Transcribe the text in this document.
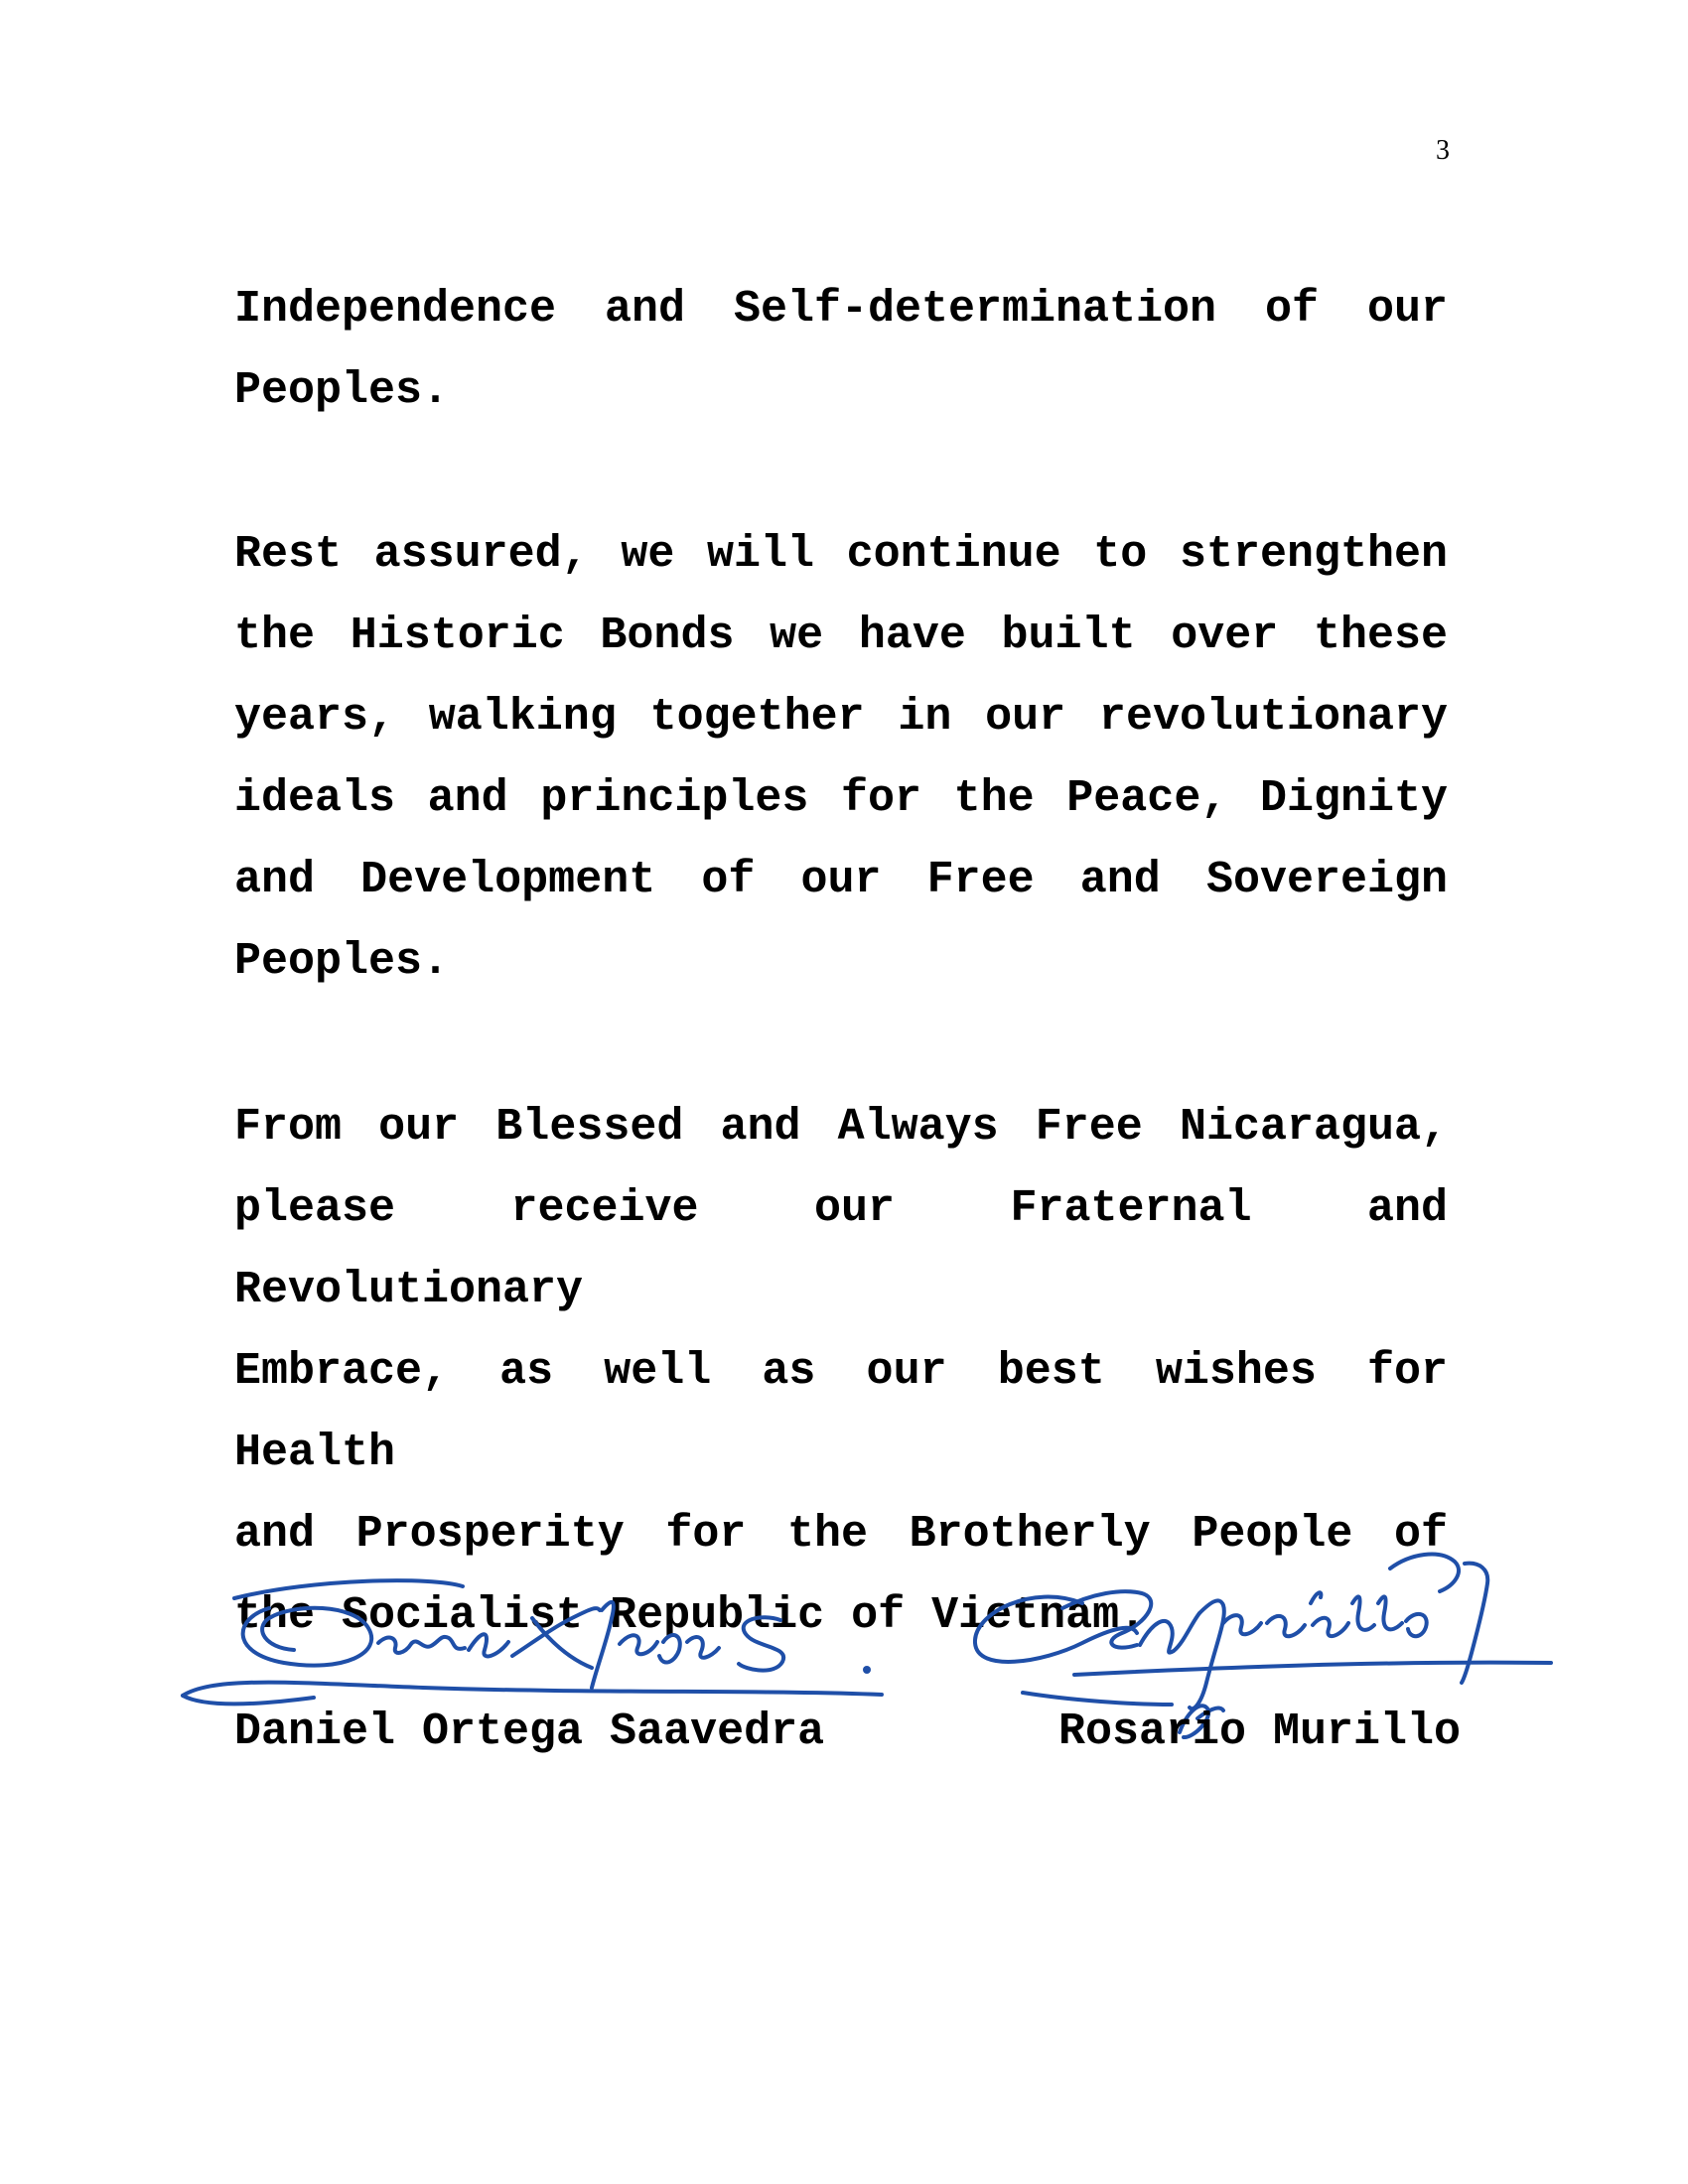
3
Independence and Self-determination of our
Peoples.
Rest assured, we will continue to strengthen
the Historic Bonds we have built over these
years, walking together in our revolutionary
ideals and principles for the Peace, Dignity
and Development of our Free and Sovereign
Peoples.
From our Blessed and Always Free Nicaragua,
please receive our Fraternal and Revolutionary
Embrace, as well as our best wishes for Health
and Prosperity for the Brotherly People of
the Socialist Republic of Vietnam.
Daniel Ortega Saavedra	Rosario Murillo
